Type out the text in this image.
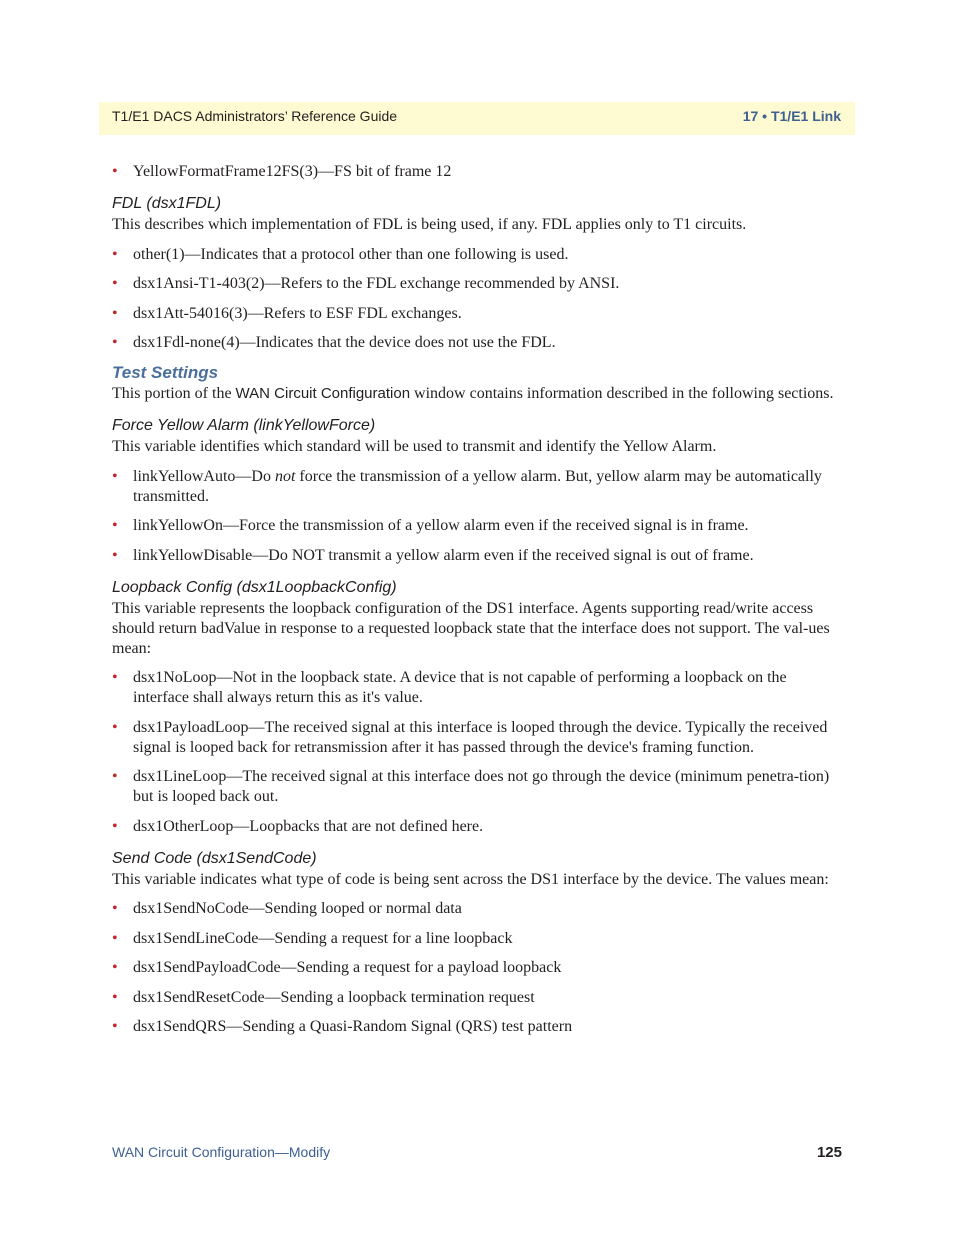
T1/E1 DACS Administrators’ Reference Guide	17 • T1/E1 Link
• YellowFormatFrame12FS(3)—FS bit of frame 12
FDL (dsx1FDL)
This describes which implementation of FDL is being used, if any. FDL applies only to T1 circuits.
• other(1)—Indicates that a protocol other than one following is used.
• dsx1Ansi-T1-403(2)—Refers to the FDL exchange recommended by ANSI.
• dsx1Att-54016(3)—Refers to ESF FDL exchanges.
• dsx1Fdl-none(4)—Indicates that the device does not use the FDL.
Test Settings
This portion of the WAN Circuit Configuration window contains information described in the following sections.
Force Yellow Alarm (linkYellowForce)
This variable identifies which standard will be used to transmit and identify the Yellow Alarm.
• linkYellowAuto—Do not force the transmission of a yellow alarm. But, yellow alarm may be automatically transmitted.
• linkYellowOn—Force the transmission of a yellow alarm even if the received signal is in frame.
• linkYellowDisable—Do NOT transmit a yellow alarm even if the received signal is out of frame.
Loopback Config (dsx1LoopbackConfig)
This variable represents the loopback configuration of the DS1 interface. Agents supporting read/write access should return badValue in response to a requested loopback state that the interface does not support. The val-ues mean:
• dsx1NoLoop—Not in the loopback state. A device that is not capable of performing a loopback on the interface shall always return this as it's value.
• dsx1PayloadLoop—The received signal at this interface is looped through the device. Typically the received signal is looped back for retransmission after it has passed through the device's framing function.
• dsx1LineLoop—The received signal at this interface does not go through the device (minimum penetra-tion) but is looped back out.
• dsx1OtherLoop—Loopbacks that are not defined here.
Send Code (dsx1SendCode)
This variable indicates what type of code is being sent across the DS1 interface by the device. The values mean:
• dsx1SendNoCode—Sending looped or normal data
• dsx1SendLineCode—Sending a request for a line loopback
• dsx1SendPayloadCode—Sending a request for a payload loopback
• dsx1SendResetCode—Sending a loopback termination request
• dsx1SendQRS—Sending a Quasi-Random Signal (QRS) test pattern
WAN Circuit Configuration—Modify	125
